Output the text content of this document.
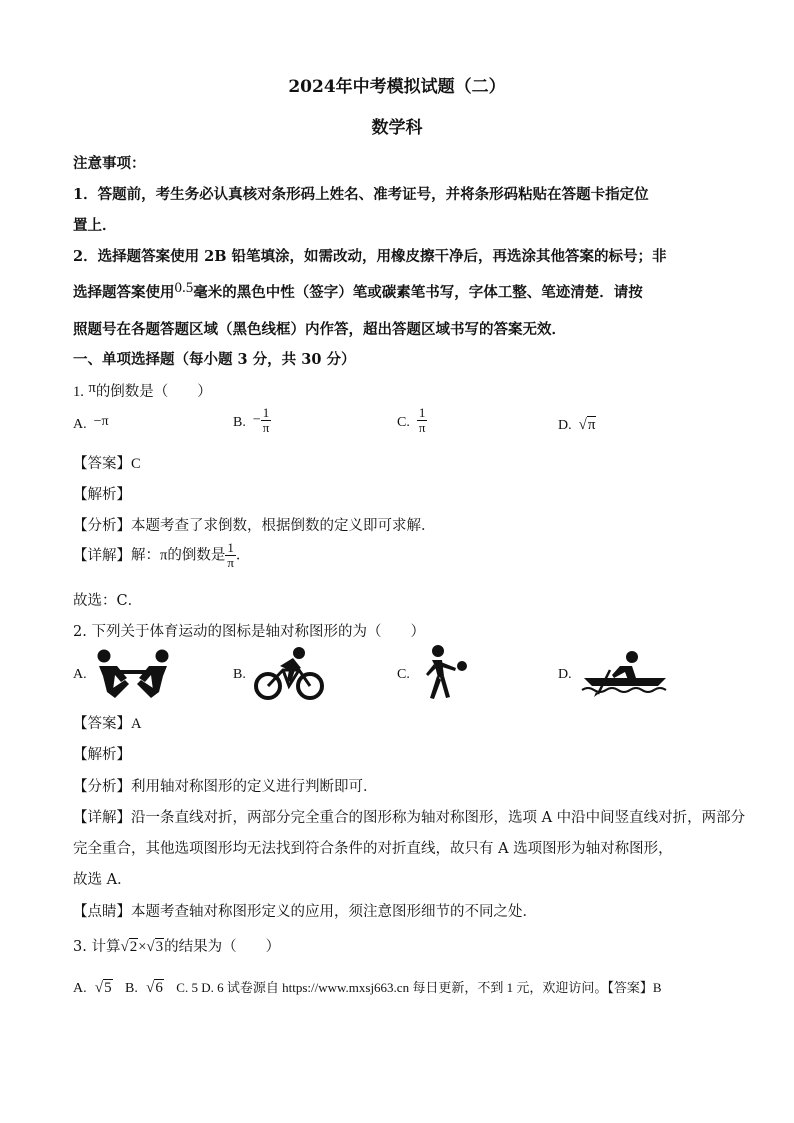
2024年中考模拟试题（二）
数学科
注意事项：
1．答题前，考生务必认真核对条形码上姓名、准考证号，并将条形码粘贴在答题卡指定位
置上．
2．选择题答案使用 2B 铅笔填涂，如需改动，用橡皮擦干净后，再选涂其他答案的标号；非
选择题答案使用0.5毫米的黑色中性（签字）笔或碳素笔书写，字体工整、笔迹清楚．请按
照题号在各题答题区域（黑色线框）内作答，超出答题区域书写的答案无效．
一、单项选择题（每小题 3 分，共 30 分）
1. π的倒数是（　　）
A. −π	B. − $\frac{1}{\pi}$	C. $\frac{1}{\pi}$	D. √π
【答案】C
【解析】
【分析】本题考查了求倒数，根据倒数的定义即可求解．
【详解】解：π的倒数是 $\frac{1}{\pi}$ ．
故选：C．
2. 下列关于体育运动的图标是轴对称图形的为（　　）
A.	B.	C.	D.
【答案】A
【解析】
【分析】利用轴对称图形的定义进行判断即可．
【详解】沿一条直线对折，两部分完全重合的图形称为轴对称图形，选项 A 中沿中间竖直线对折，两部分
完全重合，其他选项图形均无法找到符合条件的对折直线，故只有 A 选项图形为轴对称图形，
故选 A．
【点睛】本题考查轴对称图形定义的应用，须注意图形细节的不同之处．
3. 计算√2×√3的结果为（　　）
A. √5 B. √6 C. 5 D. 6 试卷源自 https://www.mxsj663.cn 每日更新，不到 1 元，欢迎访问。【答案】B
